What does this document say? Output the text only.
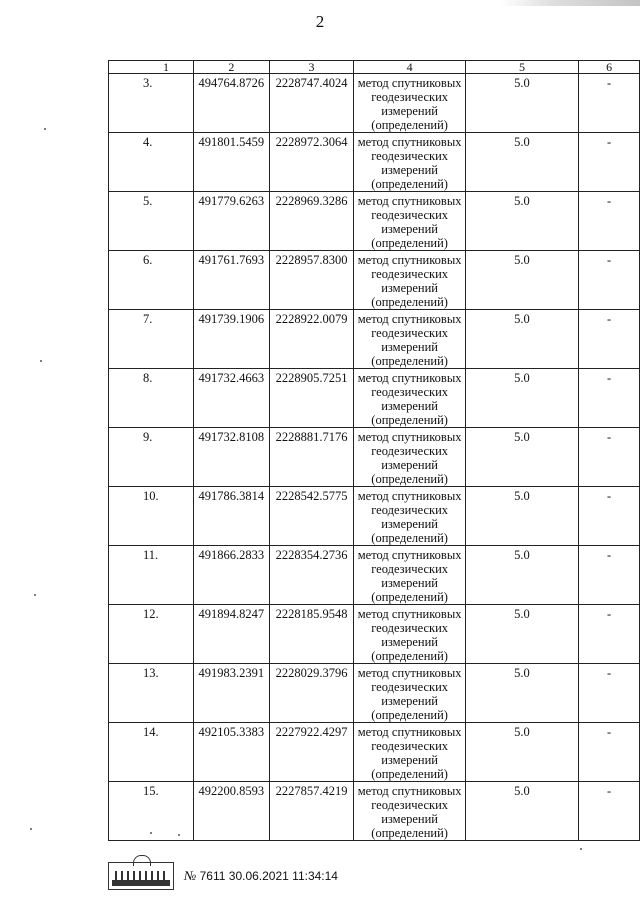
2
1	2	3	4	5	6
3.	494764.8726	2228747.4024	метод спутниковых
геодезических
измерений
(определений)	5.0	-
4.	491801.5459	2228972.3064	метод спутниковых
геодезических
измерений
(определений)	5.0	-
5.	491779.6263	2228969.3286	метод спутниковых
геодезических
измерений
(определений)	5.0	-
6.	491761.7693	2228957.8300	метод спутниковых
геодезических
измерений
(определений)	5.0	-
7.	491739.1906	2228922.0079	метод спутниковых
геодезических
измерений
(определений)	5.0	-
8.	491732.4663	2228905.7251	метод спутниковых
геодезических
измерений
(определений)	5.0	-
9.	491732.8108	2228881.7176	метод спутниковых
геодезических
измерений
(определений)	5.0	-
10.	491786.3814	2228542.5775	метод спутниковых
геодезических
измерений
(определений)	5.0	-
11.	491866.2833	2228354.2736	метод спутниковых
геодезических
измерений
(определений)	5.0	-
12.	491894.8247	2228185.9548	метод спутниковых
геодезических
измерений
(определений)	5.0	-
13.	491983.2391	2228029.3796	метод спутниковых
геодезических
измерений
(определений)	5.0	-
14.	492105.3383	2227922.4297	метод спутниковых
геодезических
измерений
(определений)	5.0	-
15.	492200.8593	2227857.4219	метод спутниковых
геодезических
измерений
(определений)	5.0	-
№ 7611 30.06.2021 11:34:14
